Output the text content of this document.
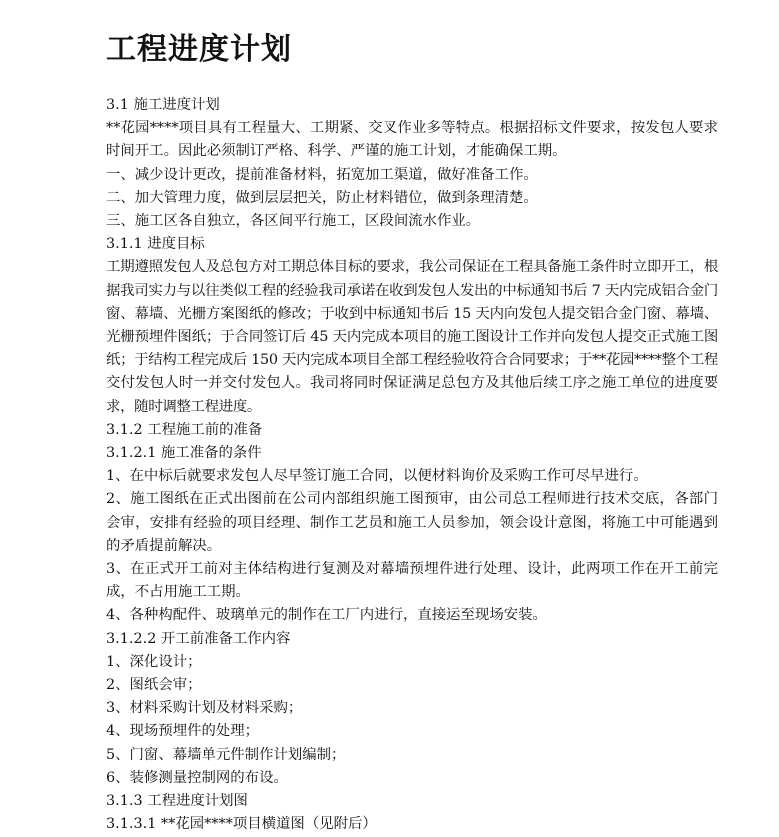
工程进度计划

3.1 施工进度计划

**花园****项目具有工程量大、工期紧、交叉作业多等特点。根据招标文件要求，按发包人要求时间开工。因此必须制订严格、科学、严谨的施工计划，才能确保工期。

一、减少设计更改，提前准备材料，拓宽加工渠道，做好准备工作。

二、加大管理力度，做到层层把关，防止材料错位，做到条理清楚。

三、施工区各自独立，各区间平行施工，区段间流水作业。

3.1.1 进度目标

工期遵照发包人及总包方对工期总体目标的要求，我公司保证在工程具备施工条件时立即开工，根据我司实力与以往类似工程的经验我司承诺在收到发包人发出的中标通知书后 7 天内完成铝合金门窗、幕墙、光栅方案图纸的修改；于收到中标通知书后 15 天内向发包人提交铝合金门窗、幕墙、光栅预埋件图纸；于合同签订后 45 天内完成本项目的施工图设计工作并向发包人提交正式施工图纸；于结构工程完成后 150 天内完成本项目全部工程经验收符合合同要求；于**花园****整个工程交付发包人时一并交付发包人。我司将同时保证满足总包方及其他后续工序之施工单位的进度要求，随时调整工程进度。

3.1.2 工程施工前的准备

3.1.2.1 施工准备的条件

1、在中标后就要求发包人尽早签订施工合同，以便材料询价及采购工作可尽早进行。

2、施工图纸在正式出图前在公司内部组织施工图预审，由公司总工程师进行技术交底，各部门会审，安排有经验的项目经理、制作工艺员和施工人员参加，领会设计意图，将施工中可能遇到的矛盾提前解决。

3、在正式开工前对主体结构进行复测及对幕墙预埋件进行处理、设计，此两项工作在开工前完成，不占用施工工期。

4、各种构配件、玻璃单元的制作在工厂内进行，直接运至现场安装。

3.1.2.2 开工前准备工作内容

1、深化设计；

2、图纸会审；

3、材料采购计划及材料采购；

4、现场预埋件的处理；

5、门窗、幕墙单元件制作计划编制；

6、装修测量控制网的布设。

3.1.3 工程进度计划图

3.1.3.1 **花园****项目横道图（见附后）
